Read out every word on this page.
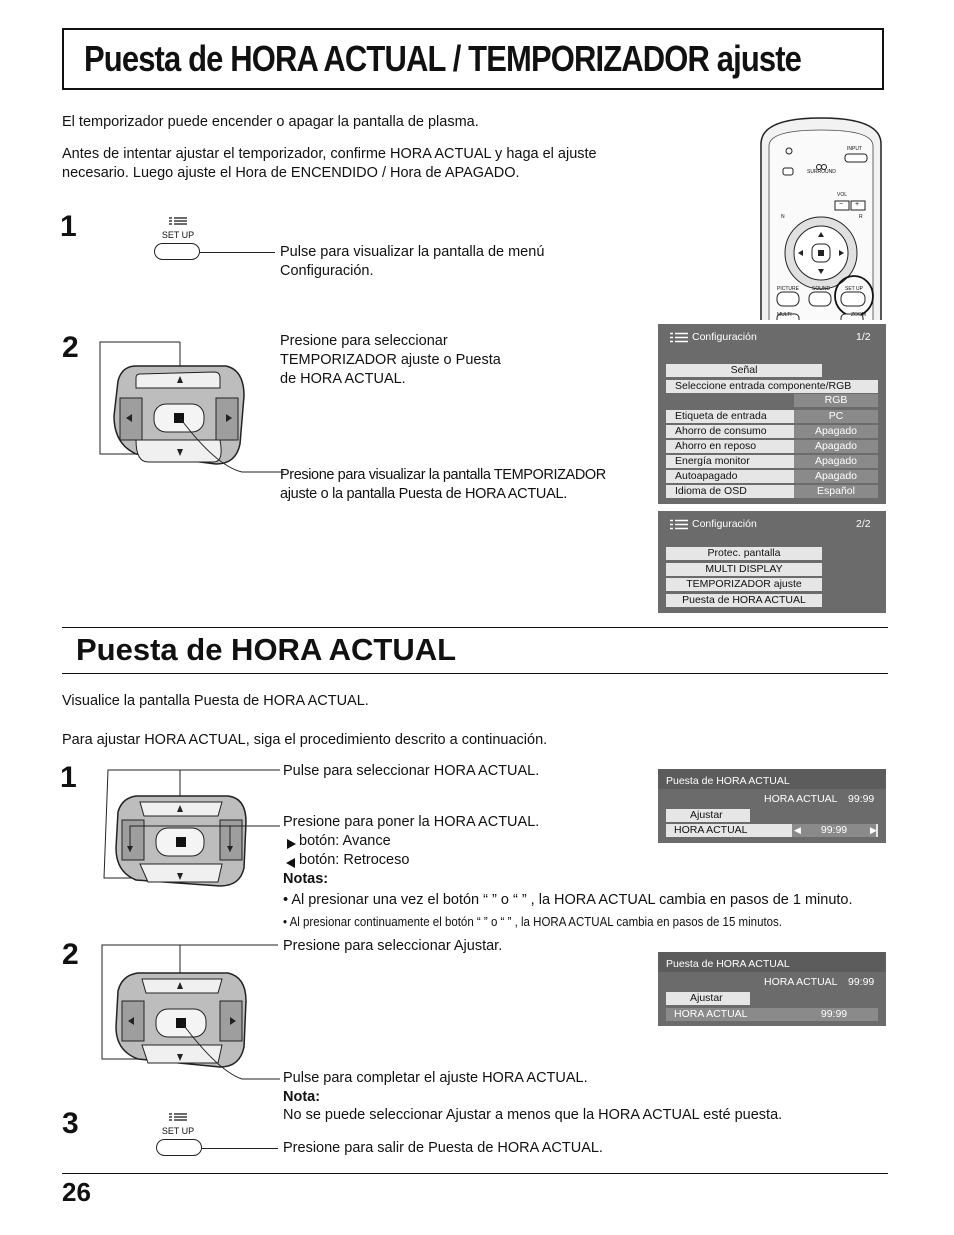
Puesta de HORA ACTUAL / TEMPORIZADOR ajuste
El temporizador puede encender o apagar la pantalla de plasma.
Antes de intentar ajustar el temporizador, confirme HORA ACTUAL y haga el ajuste
necesario. Luego ajuste el Hora de ENCENDIDO / Hora de APAGADO.
INPUT
SURROUND
VOL
− +
N	R
PICTURE	SOUND	SET UP
MULTI	ZOOM
1	SET UP
Pulse para visualizar la pantalla de menú
Configuración.
2	Presione para seleccionar
TEMPORIZADOR ajuste o Puesta
de HORA ACTUAL.
Presione para visualizar la pantalla TEMPORIZADOR
ajuste o la pantalla Puesta de HORA ACTUAL.
Configuración	1/2
Señal
Seleccione entrada componente/RGB
RGB
Etiqueta de entrada	PC
Ahorro de consumo	Apagado
Ahorro en reposo	Apagado
Energía monitor	Apagado
Autoapagado	Apagado
Idioma de OSD	Español
Configuración	2/2
Protec. pantalla
MULTI DISPLAY
TEMPORIZADOR ajuste
Puesta de HORA ACTUAL
Puesta de HORA ACTUAL
Visualice la pantalla Puesta de HORA ACTUAL.
Para ajustar HORA ACTUAL, siga el procedimiento descrito a continuación.
1	Pulse para seleccionar HORA ACTUAL.
Presione para poner la HORA ACTUAL.
botón: Avance
botón: Retroceso
Notas:
• Al presionar una vez el botón “ ” o “ ” , la HORA ACTUAL cambia en pasos de 1 minuto.
• Al presionar continuamente el botón “ ” o “ ” , la HORA ACTUAL cambia en pasos de 15 minutos.
Puesta de HORA ACTUAL
HORA ACTUAL 99:99
Ajustar
HORA ACTUAL	99:99
◀	▶
2	Presione para seleccionar Ajustar.
Puesta de HORA ACTUAL
HORA ACTUAL 99:99
Ajustar
HORA ACTUAL	99:99
Pulse para completar el ajuste HORA ACTUAL.
Nota:
No se puede seleccionar Ajustar a menos que la HORA ACTUAL esté puesta.
3	SET UP
Presione para salir de Puesta de HORA ACTUAL.
26
